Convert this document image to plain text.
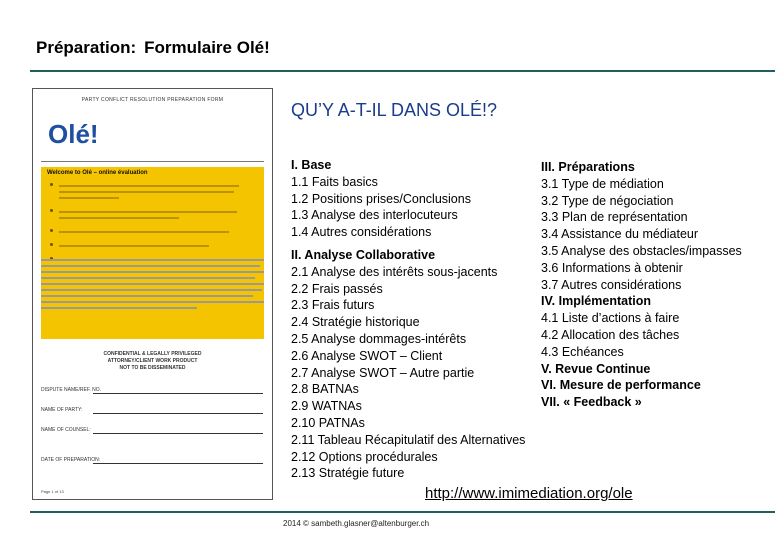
Préparation: Formulaire Olé!
PARTY CONFLICT RESOLUTION PREPARATION FORM
Olé!
Welcome to Olé – online évaluation
CONFIDENTIAL & LEGALLY PRIVILEGED
ATTORNEY/CLIENT WORK PRODUCT
NOT TO BE DISSEMINATED
DISPUTE NAME/REF. NO.
NAME OF PARTY:
NAME OF COUNSEL:
DATE OF PREPARATION:
Page 1 of 13
QU’Y A-T-IL DANS OLÉ!?
I. Base
1.1 Faits basics
1.2 Positions prises/Conclusions
1.3 Analyse des interlocuteurs
1.4 Autres considérations
II. Analyse Collaborative
2.1 Analyse des intérêts sous-jacents
2.2 Frais passés
2.3 Frais futurs
2.4 Stratégie historique
2.5 Analyse dommages-intérêts
2.6 Analyse SWOT – Client
2.7 Analyse SWOT – Autre partie
2.8 BATNAs
2.9 WATNAs
2.10 PATNAs
2.11 Tableau Récapitulatif des Alternatives
2.12 Options procédurales
2.13 Stratégie future
III. Préparations
3.1 Type de médiation
3.2 Type de négociation
3.3 Plan de représentation
3.4 Assistance du médiateur
3.5 Analyse des obstacles/impasses
3.6 Informations à obtenir
3.7 Autres considérations
IV. Implémentation
4.1 Liste d’actions à faire
4.2 Allocation des tâches
4.3 Echéances
V. Revue Continue
VI. Mesure de performance
VII. « Feedback »
http://www.imimediation.org/ole
2014 © sambeth.glasner@altenburger.ch
